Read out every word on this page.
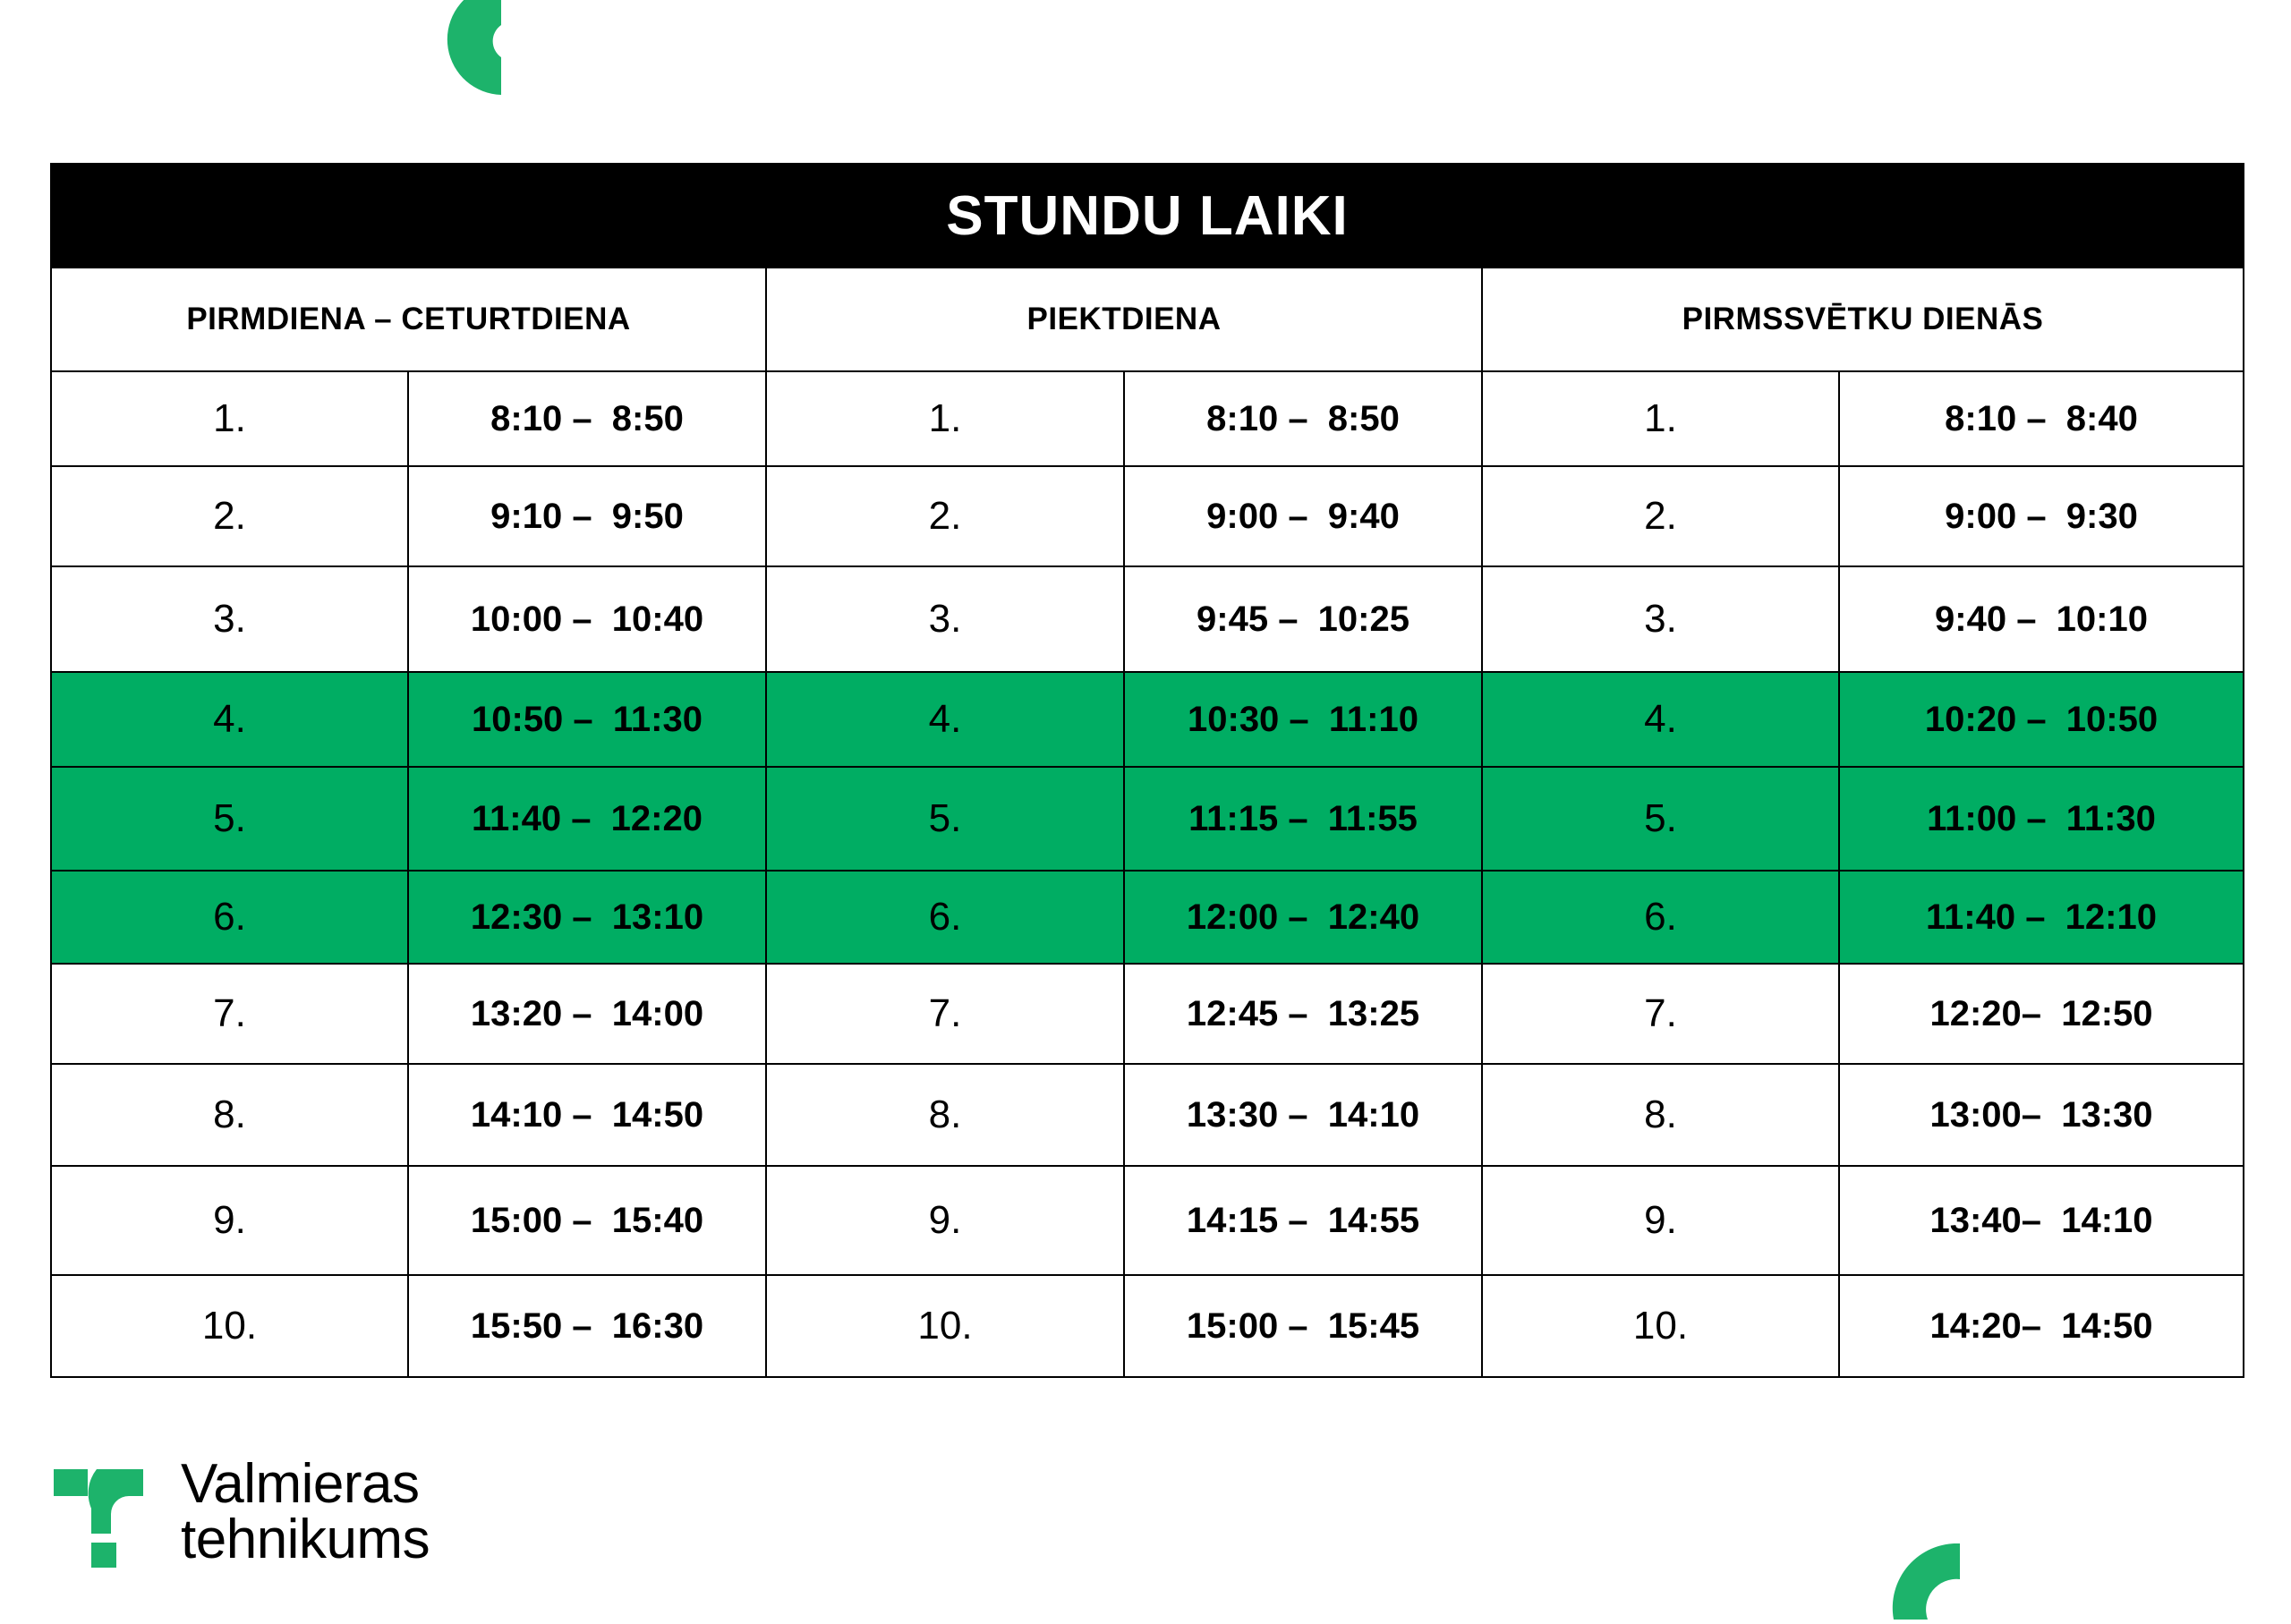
STUNDU LAIKI					
PIRMDIENA – CETURTDIENA		PIEKTDIENA		PIRMSSVĒTKU DIENĀS	
1.	8:10 –  8:50	1.	8:10 –  8:50	1.	8:10 –  8:40
2.	9:10 –  9:50	2.	9:00 –  9:40	2.	9:00 –  9:30
3.	10:00 –  10:40	3.	9:45 –  10:25	3.	9:40 –  10:10
4.	10:50 –  11:30	4.	10:30 –  11:10	4.	10:20 –  10:50
5.	11:40 –  12:20	5.	11:15 –  11:55	5.	11:00 –  11:30
6.	12:30 –  13:10	6.	12:00 –  12:40	6.	11:40 –  12:10
7.	13:20 –  14:00	7.	12:45 –  13:25	7.	12:20–  12:50
8.	14:10 –  14:50	8.	13:30 –  14:10	8.	13:00–  13:30
9.	15:00 –  15:40	9.	14:15 –  14:55	9.	13:40–  14:10
10.	15:50 –  16:30	10.	15:00 –  15:45	10.	14:20–  14:50
Valmieras
tehnikums
